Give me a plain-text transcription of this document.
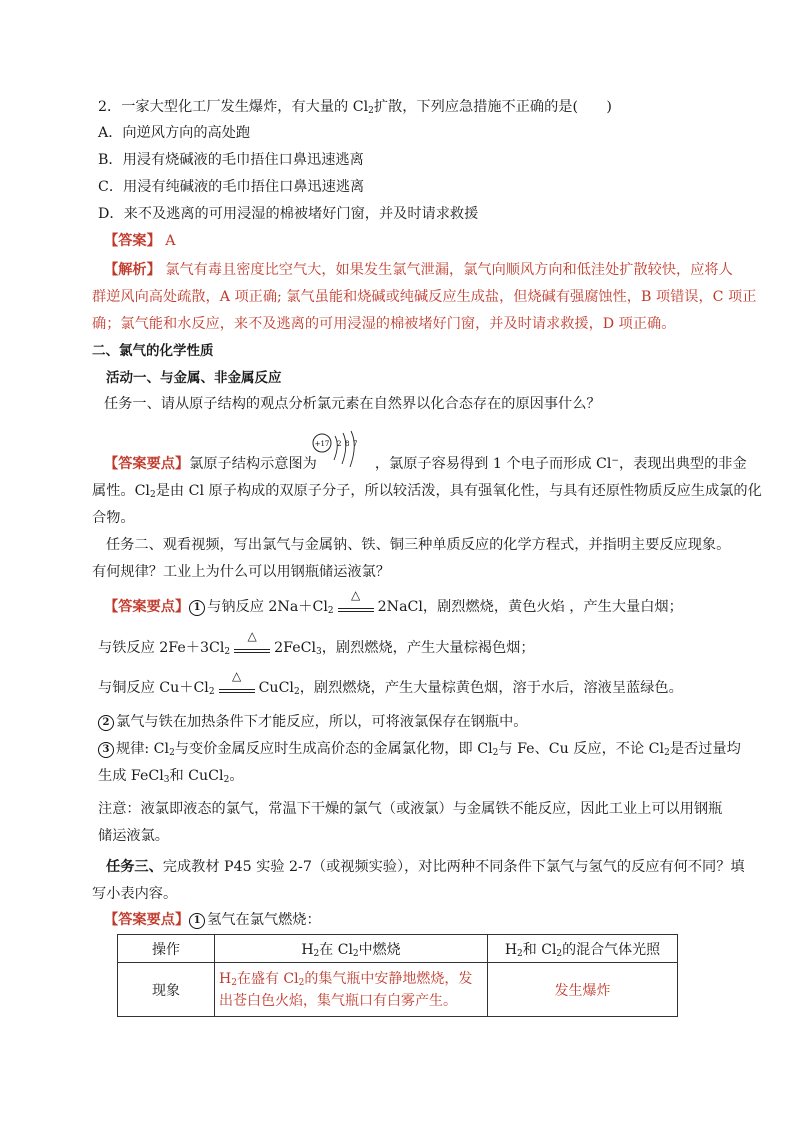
2．一家大型化工厂发生爆炸，有大量的 $Cl_2$扩散，下列应急措施不正确的是(　　)
A．向逆风方向的高处跑
B．用浸有烧碱液的毛巾捂住口鼻迅速逃离
C．用浸有纯碱液的毛巾捂住口鼻迅速逃离
D．来不及逃离的可用浸湿的棉被堵好门窗，并及时请求救援
【答案】 A
【解析】 氯气有毒且密度比空气大，如果发生氯气泄漏，氯气向顺风方向和低洼处扩散较快，应将人
群逆风向高处疏散，A 项正确; 氯气虽能和烧碱或纯碱反应生成盐，但烧碱有强腐蚀性，B 项错误，C 项正
确；氯气能和水反应，来不及逃离的可用浸湿的棉被堵好门窗，并及时请求救援，D 项正确。
二、氯气的化学性质
活动一、与金属、非金属反应
任务一、请从原子结构的观点分析氯元素在自然界以化合态存在的原因事什么？
+17 2 8 7
【答案要点】氯原子结构示意图为	，氯原子容易得到 1 个电子而形成 Cl−，表现出典型的非金
属性。$Cl_2$是由 Cl 原子构成的双原子分子，所以较活泼，具有强氧化性，与具有还原性物质反应生成氯的化
合物。
任务二、观看视频，写出氯气与金属钠、铁、铜三种单质反应的化学方程式，并指明主要反应现象。
有何规律？工业上为什么可以用钢瓶储运液氯？
【答案要点】 1 与钠反应 $2Na+Cl_2$
△
2NaCl，剧烈燃烧，黄色火焰 ，产生大量白烟；
与铁反应 $2Fe+3Cl_2$
△
2FeCl$_3$，剧烈燃烧，产生大量棕褐色烟；
与铜反应 $Cu+Cl_2$
△
CuCl$_2$，剧烈燃烧，产生大量棕黄色烟，溶于水后，溶液呈蓝绿色。
2 氯气与铁在加热条件下才能反应，所以，可将液氯保存在钢瓶中。
3 规律: $Cl_2$与变价金属反应时生成高价态的金属氯化物，即 $Cl_2$与 Fe、Cu 反应，不论 $Cl_2$是否过量均
生成 FeCl$_3$和 CuCl$_2$。
注意：液氯即液态的氯气，常温下干燥的氯气（或液氯）与金属铁不能反应，因此工业上可以用钢瓶
储运液氯。
任务三、完成教材 P45 实验 2-7（或视频实验），对比两种不同条件下氯气与氢气的反应有何不同？填
写小表内容。
【答案要点】 1 氢气在氯气燃烧：
操作	$H_2$在 $Cl_2$中燃烧	$H_2$和 $Cl_2$的混合气体光照
现象	$H_2$在盛有 $Cl_2$的集气瓶中安静地燃烧，发
出苍白色火焰，集气瓶口有白雾产生。	发生爆炸
